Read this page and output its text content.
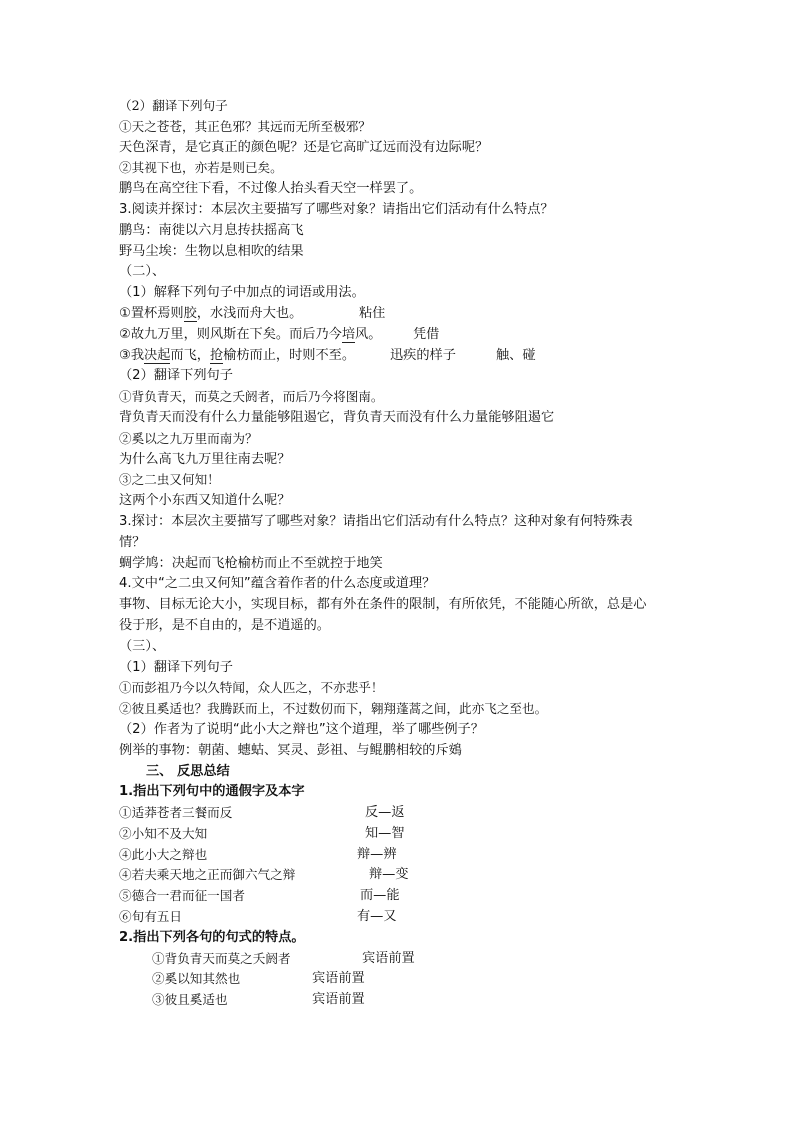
（2）翻译下列句子
①天之苍苍，其正色邪？其远而无所至极邪？
天色深青，是它真正的颜色呢？还是它高旷辽远而没有边际呢？
②其视下也，亦若是则已矣。
鹏鸟在高空往下看，不过像人抬头看天空一样罢了。
3.阅读并探讨：本层次主要描写了哪些对象？请指出它们活动有什么特点？
鹏鸟：南徙以六月息抟扶摇高飞
野马尘埃：生物以息相吹的结果
（二）、
（1）解释下列句子中加点的词语或用法。
①置杯焉则胶，水浅而舟大也。	粘住
②故九万里，则风斯在下矣。而后乃今培风。 凭借
③我决起而飞，抢榆枋而止，时则不至。	迅疾的样子	触、碰
（2）翻译下列句子
①背负青天，而莫之夭阏者，而后乃今将图南。
背负青天而没有什么力量能够阻遏它，背负青天而没有什么力量能够阻遏它
②奚以之九万里而南为？
为什么高飞九万里往南去呢？
③之二虫又何知！
这两个小东西又知道什么呢？
3.探讨：本层次主要描写了哪些对象？请指出它们活动有什么特点？这种对象有何特殊表
情？
蜩学鸠：决起而飞枪榆枋而止不至就控于地笑
4.文中“之二虫又何知”蕴含着作者的什么态度或道理？
事物、目标无论大小，实现目标，都有外在条件的限制，有所依凭，不能随心所欲，总是心
役于形，是不自由的，是不逍遥的。
（三）、
（1）翻译下列句子
①而彭祖乃今以久特闻，众人匹之，不亦悲乎！
②彼且奚适也？我腾跃而上，不过数仞而下，翱翔蓬蒿之间，此亦飞之至也。
（2）作者为了说明“此小大之辩也”这个道理，举了哪些例子？
例举的事物：朝菌、蟪蛄、冥灵、彭祖、与鲲鹏相较的斥鴳
三、 反思总结
1.指出下列句中的通假字及本字
①适莽苍者三餐而反	反—返
②小知不及大知	知—智
④此小大之辩也	辩—辨
④若夫乘天地之正而御六气之辩	辩—变
⑤德合一君而征一国者	而—能
⑥旬有五日	有—又
2.指出下列各句的句式的特点。
①背负青天而莫之夭阏者	宾语前置
②奚以知其然也	宾语前置
③彼且奚适也	宾语前置
